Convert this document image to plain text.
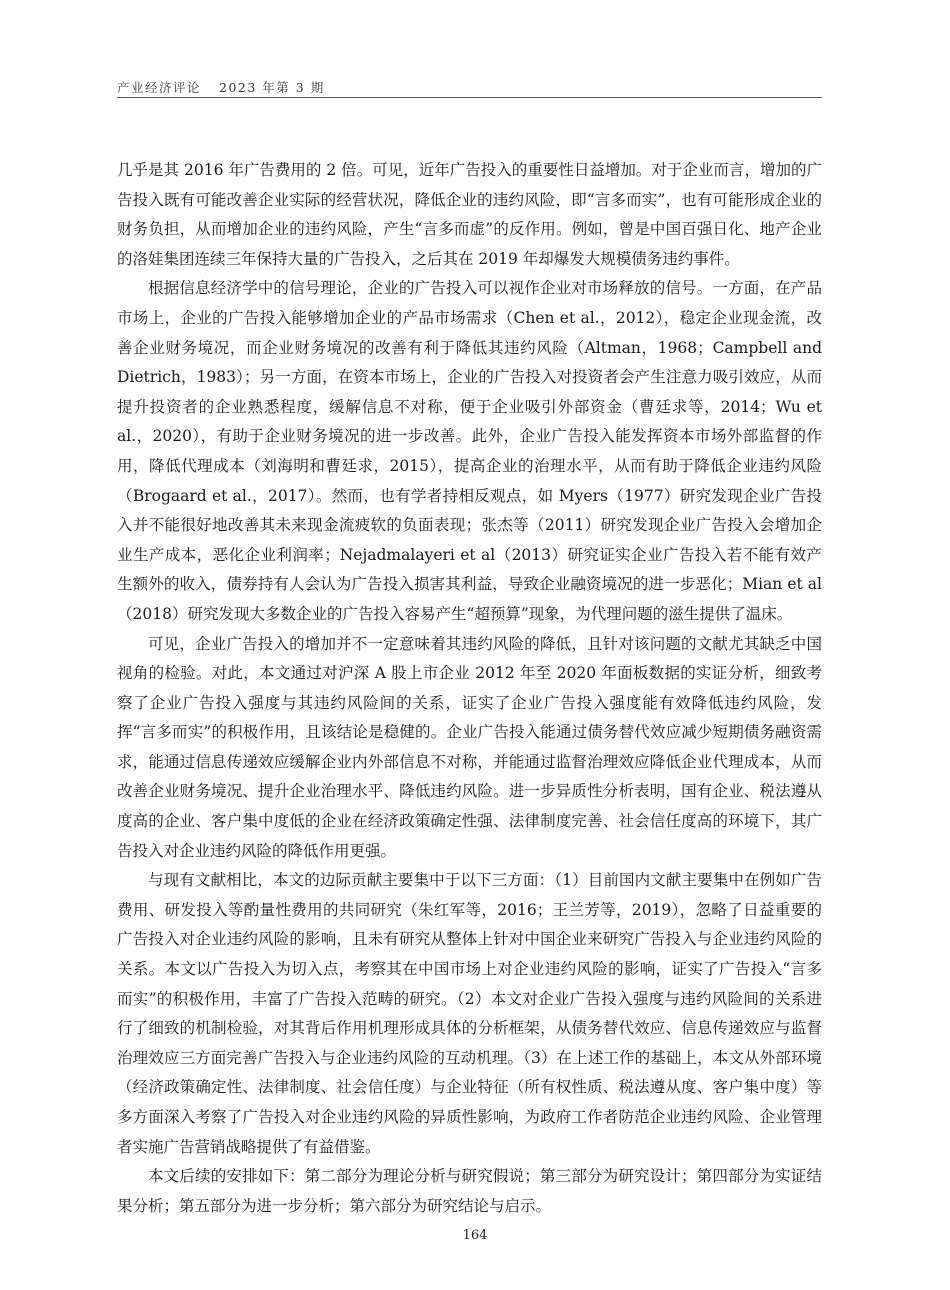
产业经济评论 2023 年第 3 期

几乎是其 2016 年广告费用的 2 倍。可见，近年广告投入的重要性日益增加。对于企业而言，增加的广告投入既有可能改善企业实际的经营状况，降低企业的违约风险，即“言多而实”，也有可能形成企业的财务负担，从而增加企业的违约风险，产生“言多而虚”的反作用。例如，曾是中国百强日化、地产企业的洛娃集团连续三年保持大量的广告投入，之后其在 2019 年却爆发大规模债务违约事件。

根据信息经济学中的信号理论，企业的广告投入可以视作企业对市场释放的信号。一方面，在产品市场上，企业的广告投入能够增加企业的产品市场需求（Chen et al.，2012），稳定企业现金流，改善企业财务境况，而企业财务境况的改善有利于降低其违约风险（Altman，1968；Campbell and Dietrich，1983）；另一方面，在资本市场上，企业的广告投入对投资者会产生注意力吸引效应，从而提升投资者的企业熟悉程度，缓解信息不对称，便于企业吸引外部资金（曹廷求等，2014；Wu et al.，2020），有助于企业财务境况的进一步改善。此外，企业广告投入能发挥资本市场外部监督的作用，降低代理成本（刘海明和曹廷求，2015），提高企业的治理水平，从而有助于降低企业违约风险（Brogaard et al.，2017）。然而，也有学者持相反观点，如 Myers（1977）研究发现企业广告投入并不能很好地改善其未来现金流疲软的负面表现；张杰等（2011）研究发现企业广告投入会增加企业生产成本，恶化企业利润率；Nejadmalayeri et al（2013）研究证实企业广告投入若不能有效产生额外的收入，债券持有人会认为广告投入损害其利益，导致企业融资境况的进一步恶化；Mian et al（2018）研究发现大多数企业的广告投入容易产生“超预算”现象，为代理问题的滋生提供了温床。

可见，企业广告投入的增加并不一定意味着其违约风险的降低，且针对该问题的文献尤其缺乏中国视角的检验。对此，本文通过对沪深 A 股上市企业 2012 年至 2020 年面板数据的实证分析，细致考察了企业广告投入强度与其违约风险间的关系，证实了企业广告投入强度能有效降低违约风险，发挥“言多而实”的积极作用，且该结论是稳健的。企业广告投入能通过债务替代效应减少短期债务融资需求，能通过信息传递效应缓解企业内外部信息不对称，并能通过监督治理效应降低企业代理成本，从而改善企业财务境况、提升企业治理水平、降低违约风险。进一步异质性分析表明，国有企业、税法遵从度高的企业、客户集中度低的企业在经济政策确定性强、法律制度完善、社会信任度高的环境下，其广告投入对企业违约风险的降低作用更强。

与现有文献相比，本文的边际贡献主要集中于以下三方面：（1）目前国内文献主要集中在例如广告费用、研发投入等酌量性费用的共同研究（朱红军等，2016；王兰芳等，2019），忽略了日益重要的广告投入对企业违约风险的影响，且未有研究从整体上针对中国企业来研究广告投入与企业违约风险的关系。本文以广告投入为切入点，考察其在中国市场上对企业违约风险的影响，证实了广告投入“言多而实”的积极作用，丰富了广告投入范畴的研究。（2）本文对企业广告投入强度与违约风险间的关系进行了细致的机制检验，对其背后作用机理形成具体的分析框架，从债务替代效应、信息传递效应与监督治理效应三方面完善广告投入与企业违约风险的互动机理。（3）在上述工作的基础上，本文从外部环境（经济政策确定性、法律制度、社会信任度）与企业特征（所有权性质、税法遵从度、客户集中度）等多方面深入考察了广告投入对企业违约风险的异质性影响，为政府工作者防范企业违约风险、企业管理者实施广告营销战略提供了有益借鉴。

本文后续的安排如下：第二部分为理论分析与研究假说；第三部分为研究设计；第四部分为实证结果分析；第五部分为进一步分析；第六部分为研究结论与启示。

164
